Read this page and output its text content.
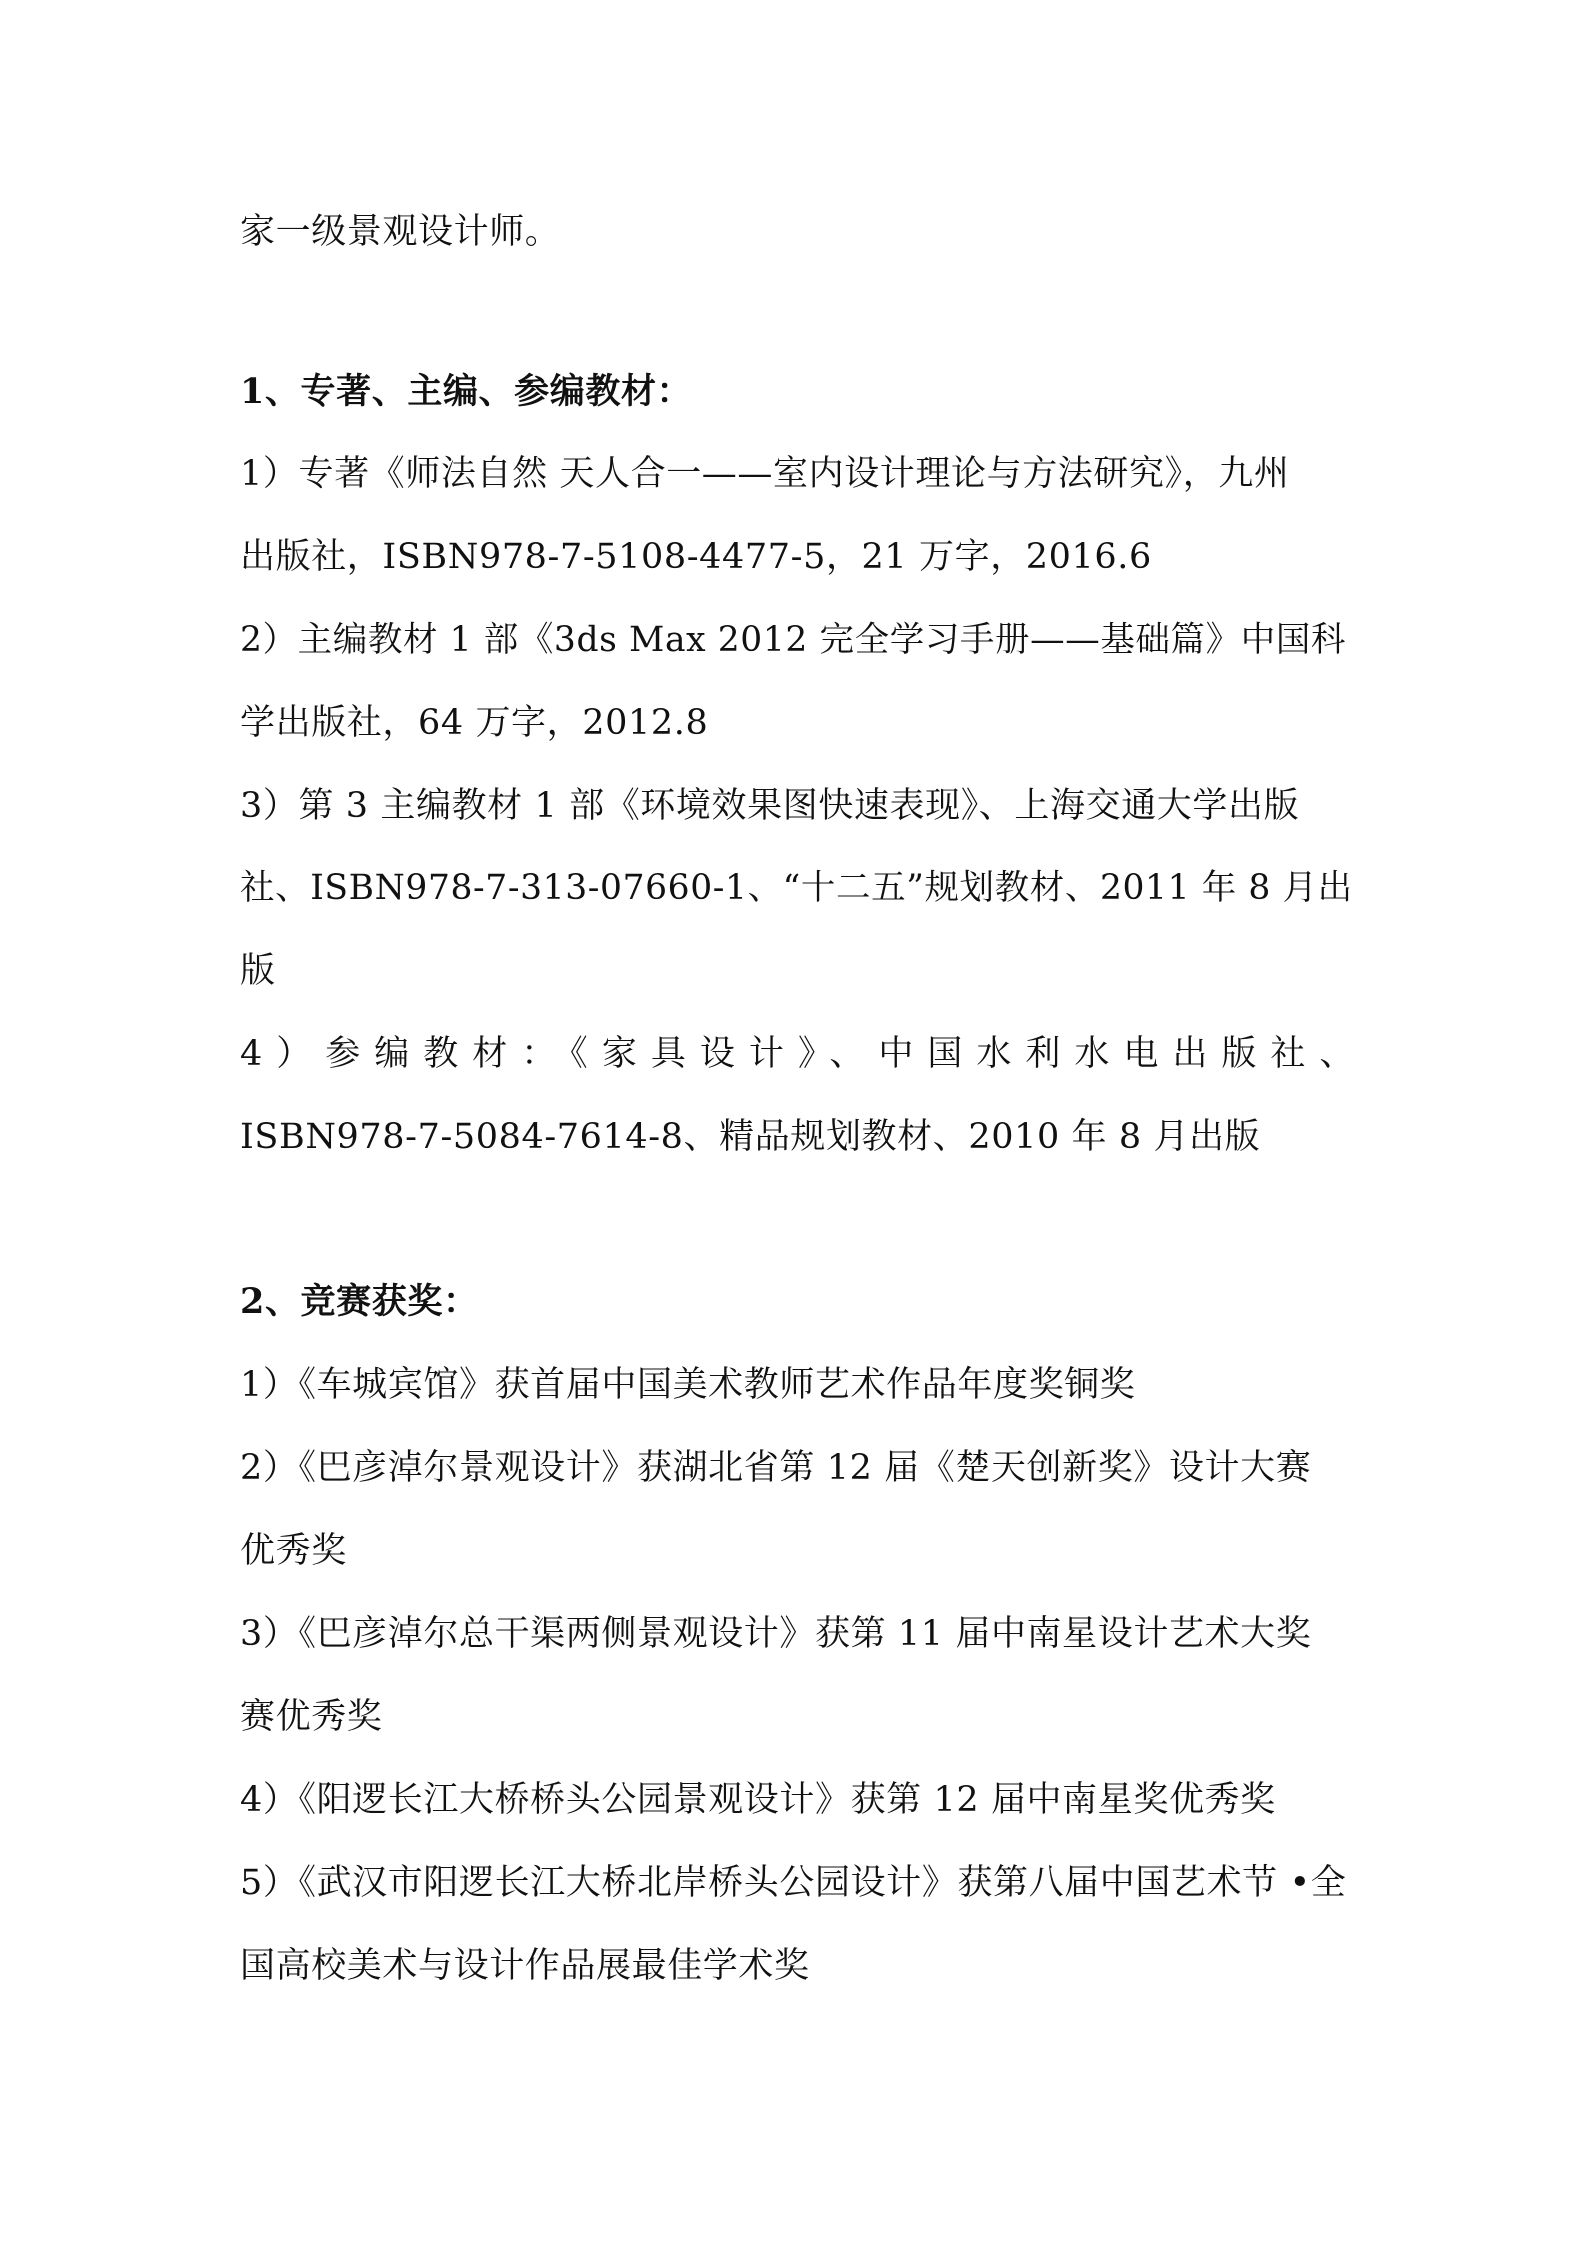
家一级景观设计师。
1、专著、主编、参编教材：
1）专著《师法自然 天人合一——室内设计理论与方法研究》，九州
出版社，ISBN978-7-5108-4477-5，21 万字，2016.6
2）主编教材 1 部《3ds Max 2012 完全学习手册——基础篇》中国科
学出版社，64 万字，2012.8
3）第 3 主编教材 1 部《环境效果图快速表现》、上海交通大学出版
社、ISBN978-7-313-07660-1、“十二五”规划教材、2011 年 8 月出
版
4）参编教材：《家具设计》、中国水利水电出版社、
ISBN978-7-5084-7614-8、精品规划教材、2010 年 8 月出版
2、竞赛获奖：
1）《车城宾馆》获首届中国美术教师艺术作品年度奖铜奖
2）《巴彦淖尔景观设计》获湖北省第 12 届《楚天创新奖》设计大赛
优秀奖
3）《巴彦淖尔总干渠两侧景观设计》获第 11 届中南星设计艺术大奖
赛优秀奖
4）《阳逻长江大桥桥头公园景观设计》获第 12 届中南星奖优秀奖
5）《武汉市阳逻长江大桥北岸桥头公园设计》获第八届中国艺术节 •全
国高校美术与设计作品展最佳学术奖
